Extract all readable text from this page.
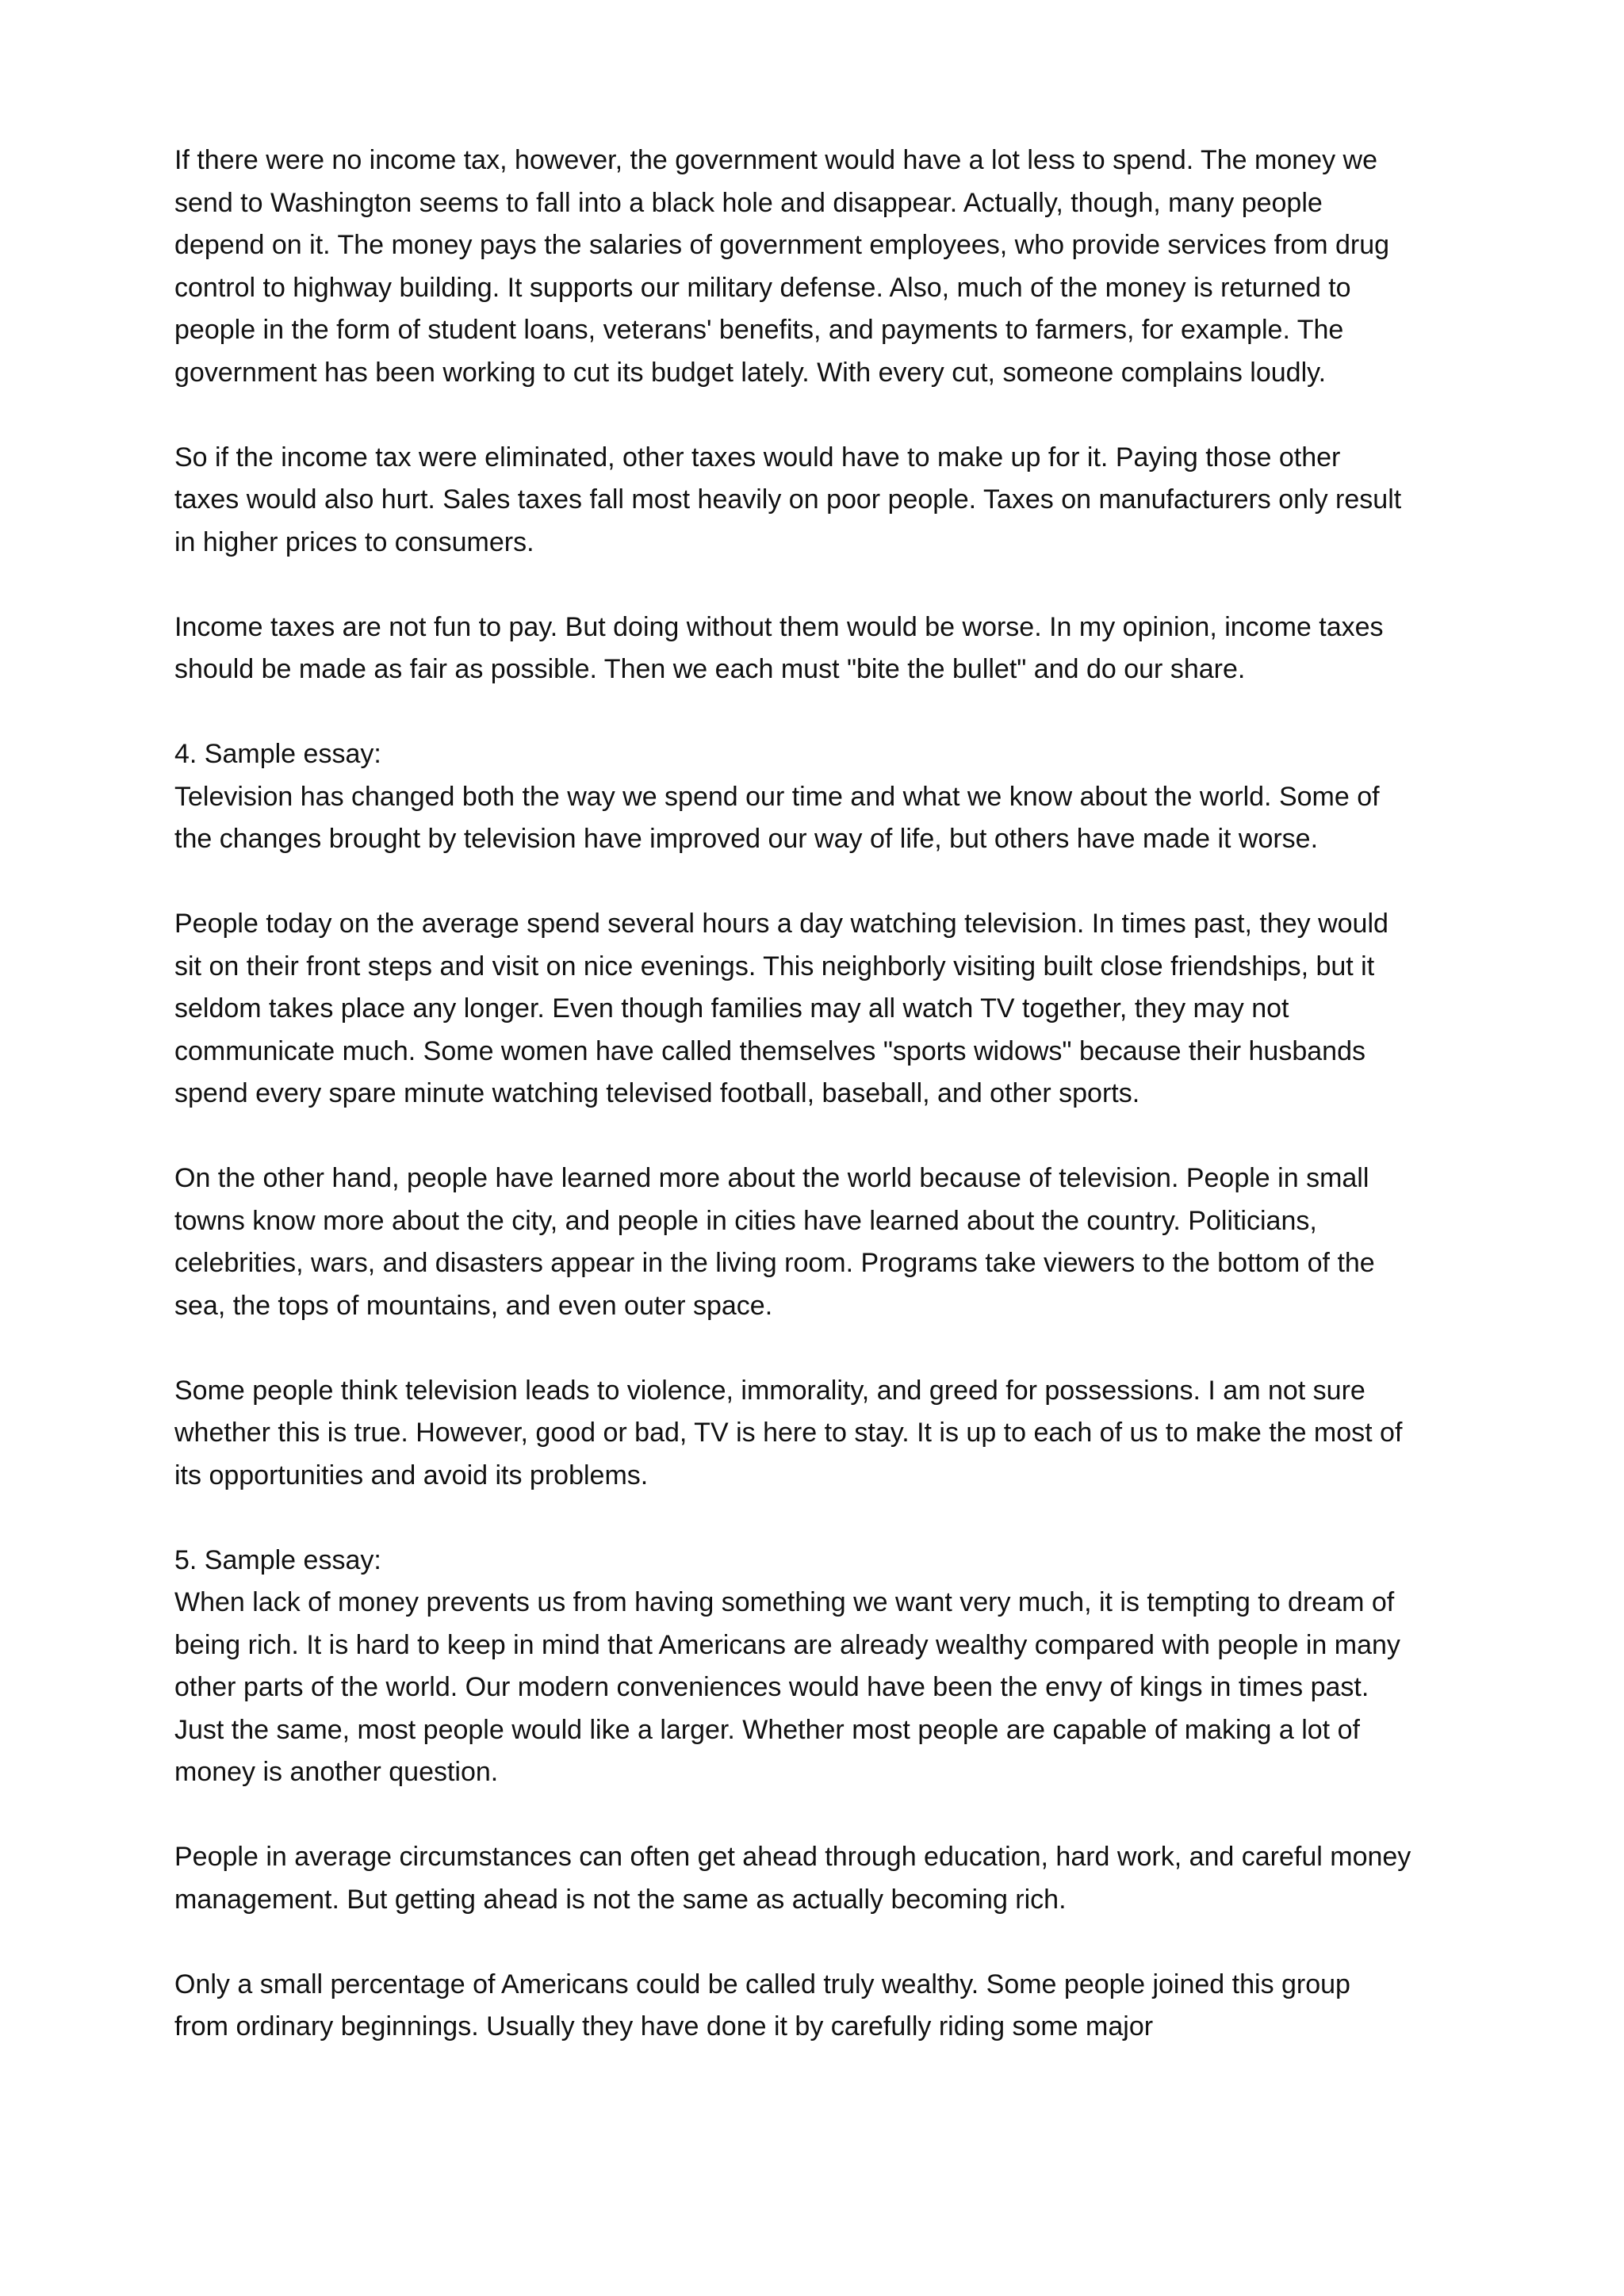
If there were no income tax, however, the government would have a lot less to spend. The money we send to Washington seems to fall into a black hole and disappear. Actually, though, many people depend on it. The money pays the salaries of government employees, who provide services from drug control to highway building. It supports our military defense. Also, much of the money is returned to people in the form of student loans, veterans' benefits, and payments to farmers, for example. The government has been working to cut its budget lately. With every cut, someone complains loudly.

So if the income tax were eliminated, other taxes would have to make up for it. Paying those other taxes would also hurt. Sales taxes fall most heavily on poor people. Taxes on manufacturers only result in higher prices to consumers.

Income taxes are not fun to pay. But doing without them would be worse. In my opinion, income taxes should be made as fair as possible. Then we each must "bite the bullet" and do our share.

4. Sample essay:

Television has changed both the way we spend our time and what we know about the world. Some of the changes brought by television have improved our way of life, but others have made it worse.

People today on the average spend several hours a day watching television. In times past, they would sit on their front steps and visit on nice evenings. This neighborly visiting built close friendships, but it seldom takes place any longer. Even though families may all watch TV together, they may not communicate much. Some women have called themselves "sports widows" because their husbands spend every spare minute watching televised football, baseball, and other sports.

On the other hand, people have learned more about the world because of television. People in small towns know more about the city, and people in cities have learned about the country. Politicians, celebrities, wars, and disasters appear in the living room. Programs take viewers to the bottom of the sea, the tops of mountains, and even outer space.

Some people think television leads to violence, immorality, and greed for possessions. I am not sure whether this is true. However, good or bad, TV is here to stay. It is up to each of us to make the most of its opportunities and avoid its problems.

5. Sample essay:

When lack of money prevents us from having something we want very much, it is tempting to dream of being rich. It is hard to keep in mind that Americans are already wealthy compared with people in many other parts of the world. Our modern conveniences would have been the envy of kings in times past. Just the same, most people would like a larger. Whether most people are capable of making a lot of money is another question.

People in average circumstances can often get ahead through education, hard work, and careful money management. But getting ahead is not the same as actually becoming rich.

Only a small percentage of Americans could be called truly wealthy. Some people joined this group from ordinary beginnings. Usually they have done it by carefully riding some major
